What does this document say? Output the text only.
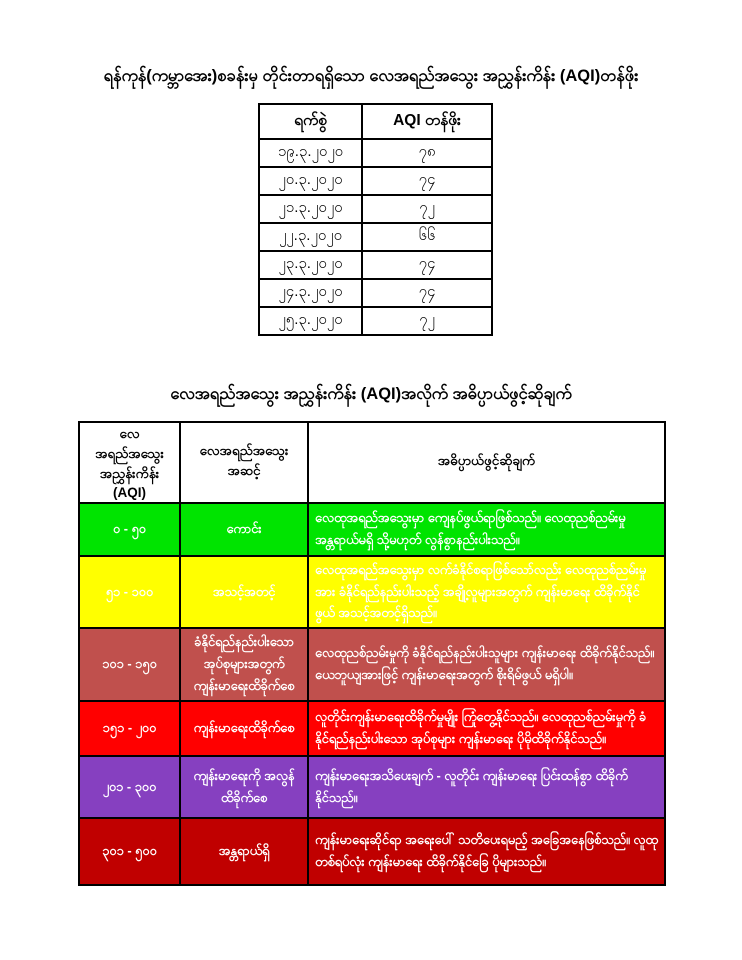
ရန်ကုန်(ကမ္ဘာအေး)စခန်းမှ တိုင်းတာရရှိသော လေအရည်အသွေး အညွှန်းကိန်း (AQI)တန်ဖိုး
ရက်စွဲ	AQI တန်ဖိုး
၁၉.၃.၂၀၂၀	၇၈
၂၀.၃.၂၀၂၀	၇၄
၂၁.၃.၂၀၂၀	၇၂
၂၂.၃.၂၀၂၀	၆၆
၂၃.၃.၂၀၂၀	၇၄
၂၄.၃.၂၀၂၀	၇၄
၂၅.၃.၂၀၂၀	၇၂
လေအရည်အသွေး အညွှန်းကိန်း (AQI)အလိုက် အဓိပ္ပာယ်ဖွင့်ဆိုချက်
လေအရည်အသွေး အညွှန်းကိန်း (AQI)	လေအရည်အသွေးအဆင့်	အဓိပ္ပာယ်ဖွင့်ဆိုချက်
၀ - ၅၀	ကောင်း	လေထုအရည်အသွေးမှာ ကျေနပ်ဖွယ်ရာဖြစ်သည်။ လေထုညစ်ညမ်းမှုအန္တရာယ်မရှိ သို့မဟုတ် လွန်စွာနည်းပါးသည်။
၅၁ - ၁၀၀	အသင့်အတင့်	လေထုအရည်အသွေးမှာ လက်ခံနိုင်စရာဖြစ်သော်လည်း လေထုညစ်ညမ်းမှုအား ခံနိုင်ရည်နည်းပါးသည့် အချို့လူများအတွက် ကျန်းမာရေး ထိခိုက်နိုင်ဖွယ် အသင့်အတင့်ရှိသည်။
၁၀၁ - ၁၅၀	ခံနိုင်ရည်နည်းပါးသော အုပ်စုများအတွက် ကျန်းမာရေးထိခိုက်စေ	လေထုညစ်ညမ်းမှုကို ခံနိုင်ရည်နည်းပါးသူများ ကျန်းမာရေး ထိခိုက်နိုင်သည်။ ယေဘူယျအားဖြင့် ကျန်းမာရေးအတွက် စိုးရိမ်ဖွယ် မရှိပါ။
၁၅၁ - ၂၀၀	ကျန်းမာရေးထိခိုက်စေ	လူတိုင်းကျန်းမာရေးထိခိုက်မှုမျိုး ကြုံတွေ့နိုင်သည်။ လေထုညစ်ညမ်းမှုကို ခံနိုင်ရည်နည်းပါးသော အုပ်စုများ ကျန်းမာရေး ပိုမိုထိခိုက်နိုင်သည်။
၂၀၁ - ၃၀၀	ကျန်းမာရေးကို အလွန်ထိခိုက်စေ	ကျန်းမာရေးအသိပေးချက် - လူတိုင်း ကျန်းမာရေး ပြင်းထန်စွာ ထိခိုက်နိုင်သည်။
၃၀၁ - ၅၀၀	အန္တရာယ်ရှိ	ကျန်းမာရေးဆိုင်ရာ အရေးပေါ် သတိပေးရမည့် အခြေအနေဖြစ်သည်။ လူထုတစ်ရပ်လုံး ကျန်းမာရေး ထိခိုက်နိုင်ခြေ ပိုများသည်။
